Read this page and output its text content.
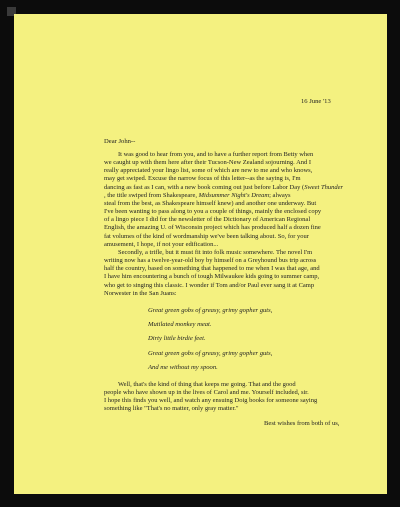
16 June '13
Dear John--
It was good to hear from you, and to have a further report from Betty when
we caught up with them here after their Tucson-New Zealand sojourning. And I
really appreciated your lingo list, some of which are new to me and who knows,
may get swiped. Excuse the narrow focus of this letter--as the saying is, I'm
dancing as fast as I can, with a new book coming out just before Labor Day (Sweet Thunder
, the title swiped from Shakespeare, Midsummer Night's Dream; always
steal from the best, as Shakespeare himself knew) and another one underway. But
I've been wanting to pass along to you a couple of things, mainly the enclosed copy
of a lingo piece I did for the newsletter of the Dictionary of American Regional
English, the amazing U. of Wisconsin project which has produced half a dozen fine
fat volumes of the kind of wordmanship we've been talking about. So, for your
amusement, I hope, if not your edification...
Secondly, a trifle, but it must fit into folk music somewhere. The novel I'm
writing now has a twelve-year-old boy by himself on a Greyhound bus trip across
half the country, based on something that happened to me when I was that age, and
I have him encountering a bunch of tough Milwaukee kids going to summer camp,
who get to singing this classic. I wonder if Tom and/or Paul ever sang it at Camp
Norwester in the San Juans:
Great green gobs of greasy, grimy gopher guts,
Mutilated monkey meat.
Dirty little birdie feet.
Great green gobs of greasy, grimy gopher guts,
And me without my spoon.
Well, that's the kind of thing that keeps me going. That and the good
people who have shown up in the lives of Carol and me. Yourself included, sir.
I hope this finds you well, and watch any ensuing Doig books for someone saying
something like "That's no matter, only gray matter."
Best wishes from both of us,
